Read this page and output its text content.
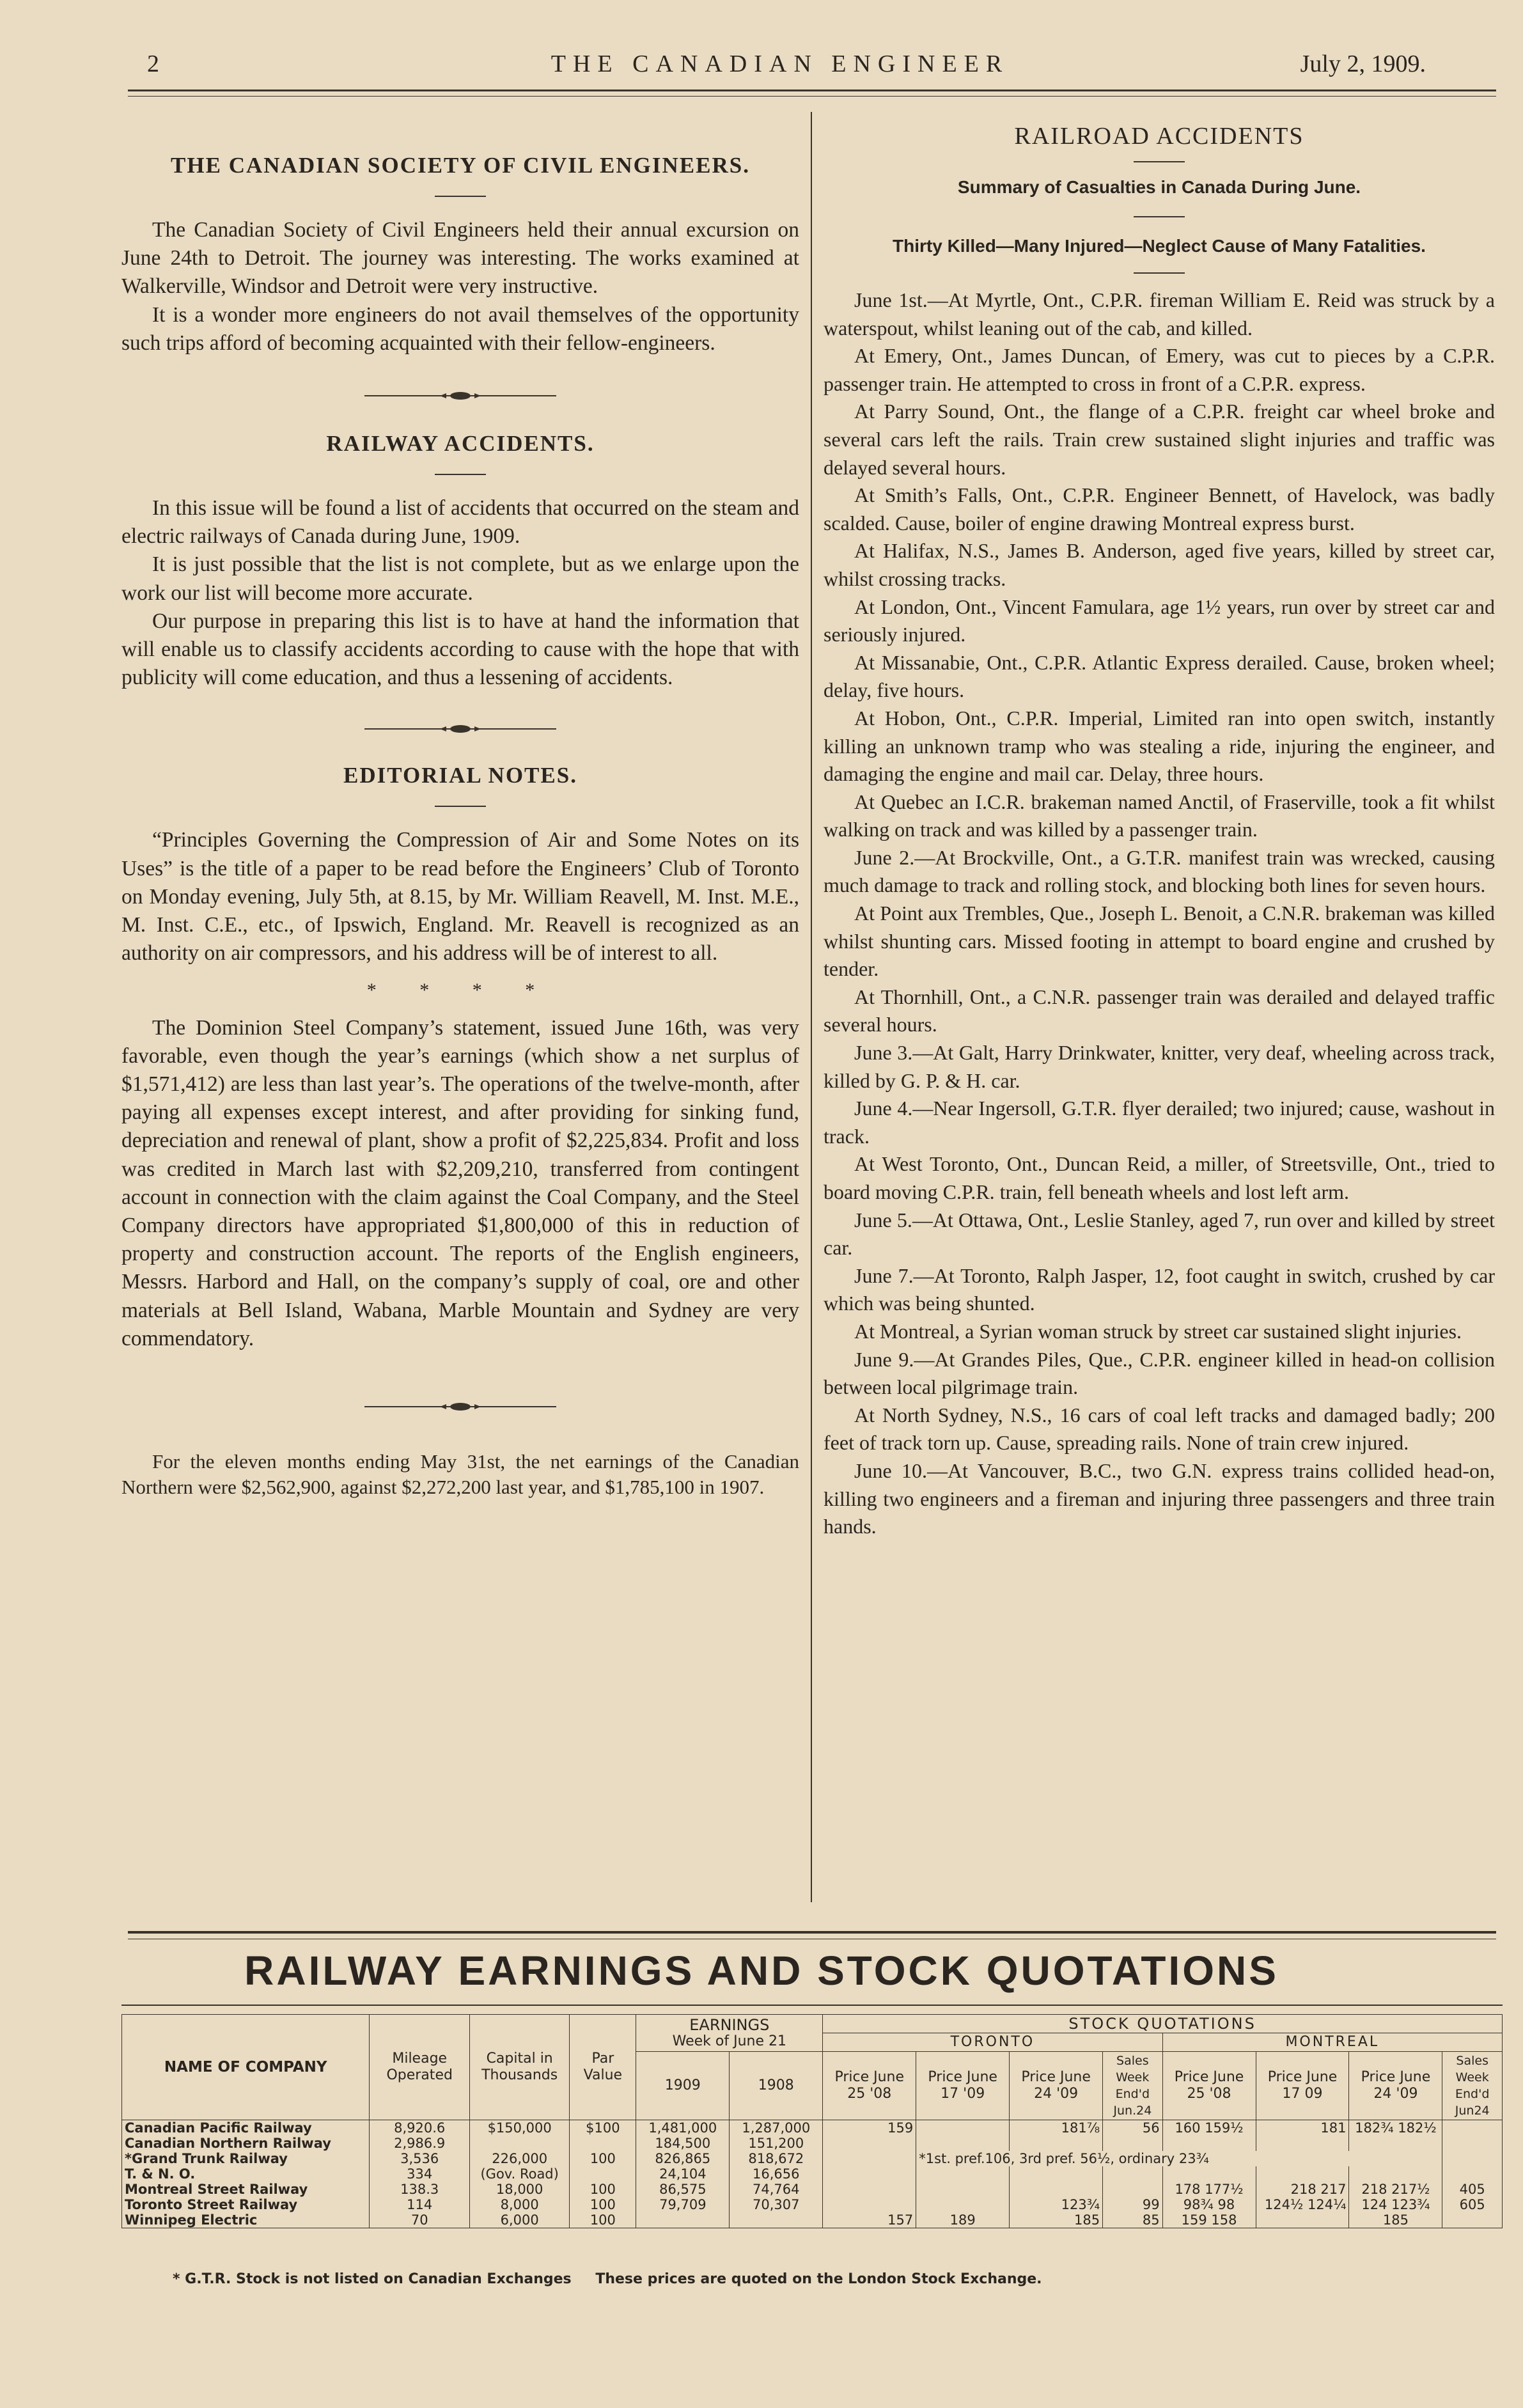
2	THE CANADIAN ENGINEER	July 2, 1909.
THE CANADIAN SOCIETY OF CIVIL ENGINEERS.

The Canadian Society of Civil Engineers held their annual excursion on June 24th to Detroit. The journey was interesting. The works examined at Walkerville, Windsor and Detroit were very instructive.

It is a wonder more engineers do not avail themselves of the opportunity such trips afford of becoming acquainted with their fellow-engineers.

RAILWAY ACCIDENTS.

In this issue will be found a list of accidents that occurred on the steam and electric railways of Canada during June, 1909.

It is just possible that the list is not complete, but as we enlarge upon the work our list will become more accurate.

Our purpose in preparing this list is to have at hand the information that will enable us to classify accidents according to cause with the hope that with publicity will come education, and thus a lessening of accidents.

EDITORIAL NOTES.

“Principles Governing the Compression of Air and Some Notes on its Uses” is the title of a paper to be read before the Engineers’ Club of Toronto on Monday evening, July 5th, at 8.15, by Mr. William Reavell, M. Inst. M.E., M. Inst. C.E., etc., of Ipswich, England. Mr. Reavell is recognized as an authority on air compressors, and his address will be of interest to all.

* * * *

The Dominion Steel Company’s statement, issued June 16th, was very favorable, even though the year’s earnings (which show a net surplus of $1,571,412) are less than last year’s. The operations of the twelve-month, after paying all expenses except interest, and after providing for sinking fund, depreciation and renewal of plant, show a profit of $2,225,834. Profit and loss was credited in March last with $2,209,210, transferred from contingent account in connection with the claim against the Coal Company, and the Steel Company directors have appropriated $1,800,000 of this in reduction of property and construction account. The reports of the English engineers, Messrs. Harbord and Hall, on the company’s supply of coal, ore and other materials at Bell Island, Wabana, Marble Mountain and Sydney are very commendatory.

For the eleven months ending May 31st, the net earnings of the Canadian Northern were $2,562,900, against $2,272,200 last year, and $1,785,100 in 1907.

RAILROAD ACCIDENTS
Summary of Casualties in Canada During June.
Thirty Killed—Many Injured—Neglect Cause of Many Fatalities.

June 1st.—At Myrtle, Ont., C.P.R. fireman William E. Reid was struck by a waterspout, whilst leaning out of the cab, and killed.

At Emery, Ont., James Duncan, of Emery, was cut to pieces by a C.P.R. passenger train. He attempted to cross in front of a C.P.R. express.

At Parry Sound, Ont., the flange of a C.P.R. freight car wheel broke and several cars left the rails. Train crew sustained slight injuries and traffic was delayed several hours.

At Smith’s Falls, Ont., C.P.R. Engineer Bennett, of Havelock, was badly scalded. Cause, boiler of engine drawing Montreal express burst.

At Halifax, N.S., James B. Anderson, aged five years, killed by street car, whilst crossing tracks.

At London, Ont., Vincent Famulara, age 1½ years, run over by street car and seriously injured.

At Missanabie, Ont., C.P.R. Atlantic Express derailed. Cause, broken wheel; delay, five hours.

At Hobon, Ont., C.P.R. Imperial, Limited ran into open switch, instantly killing an unknown tramp who was stealing a ride, injuring the engineer, and damaging the engine and mail car. Delay, three hours.

At Quebec an I.C.R. brakeman named Anctil, of Fraserville, took a fit whilst walking on track and was killed by a passenger train.

June 2.—At Brockville, Ont., a G.T.R. manifest train was wrecked, causing much damage to track and rolling stock, and blocking both lines for seven hours.

At Point aux Trembles, Que., Joseph L. Benoit, a C.N.R. brakeman was killed whilst shunting cars. Missed footing in attempt to board engine and crushed by tender.

At Thornhill, Ont., a C.N.R. passenger train was derailed and delayed traffic several hours.

June 3.—At Galt, Harry Drinkwater, knitter, very deaf, wheeling across track, killed by G. P. & H. car.

June 4.—Near Ingersoll, G.T.R. flyer derailed; two injured; cause, washout in track.

At West Toronto, Ont., Duncan Reid, a miller, of Streetsville, Ont., tried to board moving C.P.R. train, fell beneath wheels and lost left arm.

June 5.—At Ottawa, Ont., Leslie Stanley, aged 7, run over and killed by street car.

June 7.—At Toronto, Ralph Jasper, 12, foot caught in switch, crushed by car which was being shunted.

At Montreal, a Syrian woman struck by street car sustained slight injuries.

June 9.—At Grandes Piles, Que., C.P.R. engineer killed in head-on collision between local pilgrimage train.

At North Sydney, N.S., 16 cars of coal left tracks and damaged badly; 200 feet of track torn up. Cause, spreading rails. None of train crew injured.

June 10.—At Vancouver, B.C., two G.N. express trains collided head-on, killing two engineers and a fireman and injuring three passengers and three train hands.

RAILWAY EARNINGS AND STOCK QUOTATIONS
NAME OF COMPANY	Mileage Operated	Capital in Thousands	Par Value	EARNINGS
Week of June 21		STOCK QUOTATIONS							
						TORONTO				MONTREAL			
				1909	1908	Price June 25 '08	Price June 17 '09	Price June 24 '09	Sales Week End'd Jun.24	Price June 25 '08	Price June 17 09	Price June 24 '09	Sales Week End'd Jun24
Canadian Pacific Railway	8,920.6	$150,000	$100	1,481,000	1,287,000	159		181⅞	56	160 159½	181	182¾ 182½	
Canadian Northern Railway	2,986.9			184,500	151,200								
*Grand Trunk Railway	3,536	226,000	100	826,865	818,672		*1st. pref.106, 3rd pref. 56½, ordinary 23¾						
T. & N. O.	334	(Gov. Road)		24,104	16,656								
Montreal Street Railway	138.3	18,000	100	86,575	74,764					178 177½	218 217	218 217½	405
Toronto Street Railway	114	8,000	100	79,709	70,307			123¾	99	98¾ 98	124½ 124¼	124 123¾	605
Winnipeg Electric	70	6,000	100			157	189	185	85	159 158		185	
* G.T.R. Stock is not listed on Canadian Exchanges These prices are quoted on the London Stock Exchange.
